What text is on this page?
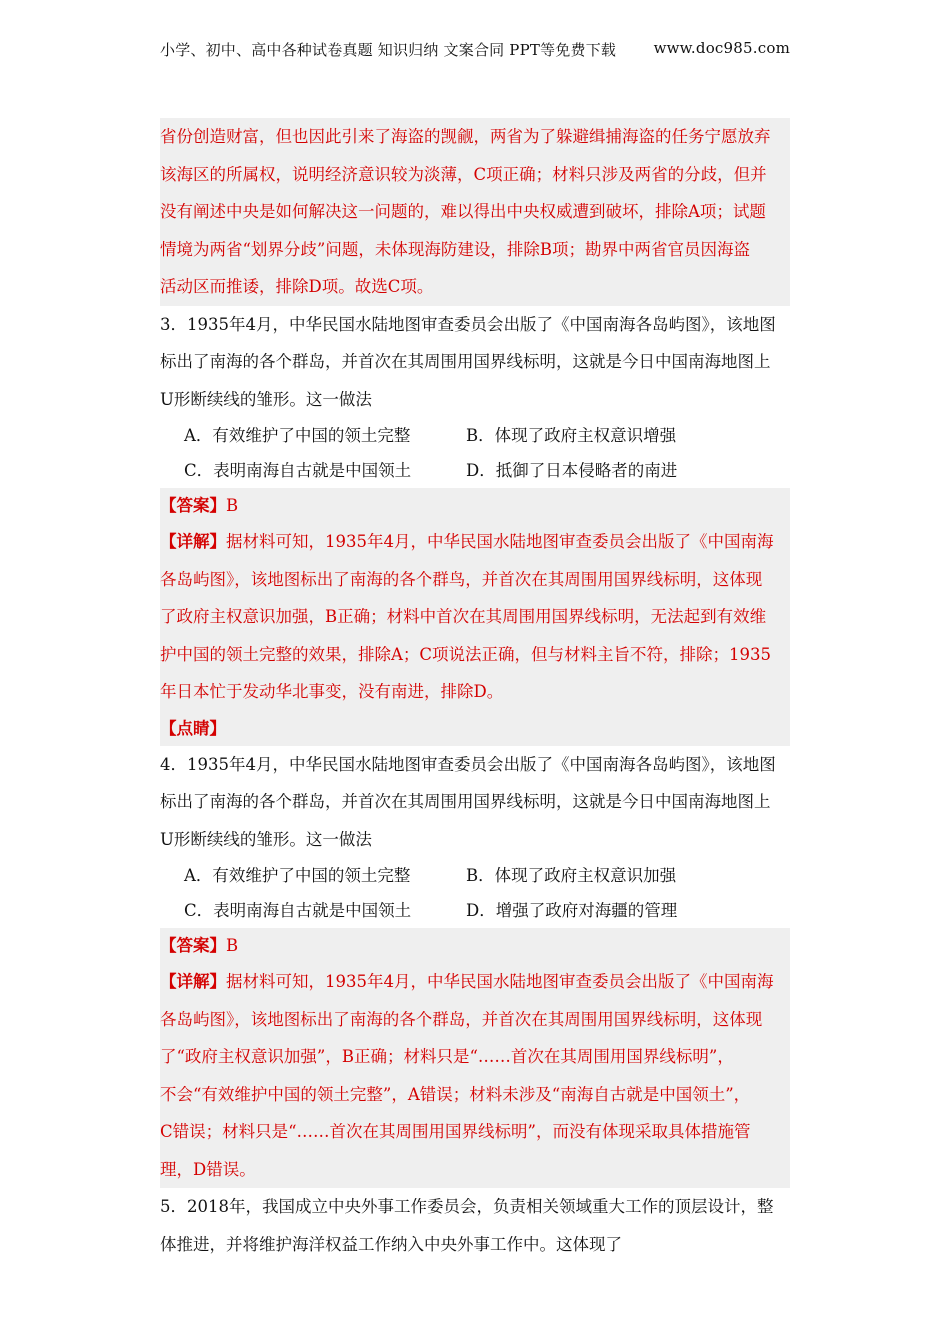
小学、初中、高中各种试卷真题 知识归纳 文案合同 PPT等免费下载 www.doc985.com
省份创造财富，但也因此引来了海盗的觊觎，两省为了躲避缉捕海盗的任务宁愿放弃
该海区的所属权，说明经济意识较为淡薄，C项正确；材料只涉及两省的分歧，但并
没有阐述中央是如何解决这一问题的，难以得出中央权威遭到破坏，排除A项；试题
情境为两省“划界分歧”问题，未体现海防建设，排除B项；勘界中两省官员因海盗
活动区而推诿，排除D项。故选C项。
3．1935年4月，中华民国水陆地图审查委员会出版了《中国南海各岛屿图》，该地图
标出了南海的各个群岛，并首次在其周围用国界线标明，这就是今日中国南海地图上
U形断续线的雏形。这一做法
A．有效维护了中国的领土完整	B．体现了政府主权意识增强
C．表明南海自古就是中国领土	D．抵御了日本侵略者的南进
【答案】B
【详解】据材料可知，1935年4月，中华民国水陆地图审查委员会出版了《中国南海
各岛屿图》，该地图标出了南海的各个群鸟，并首次在其周围用国界线标明，这体现
了政府主权意识加强，B正确；材料中首次在其周围用国界线标明，无法起到有效维
护中国的领土完整的效果，排除A；C项说法正确，但与材料主旨不符，排除；1935
年日本忙于发动华北事变，没有南进，排除D。
【点睛】
4．1935年4月，中华民国水陆地图审查委员会出版了《中国南海各岛屿图》，该地图
标出了南海的各个群岛，并首次在其周围用国界线标明，这就是今日中国南海地图上
U形断续线的雏形。这一做法
A．有效维护了中国的领土完整	B．体现了政府主权意识加强
C．表明南海自古就是中国领土	D．增强了政府对海疆的管理
【答案】B
【详解】据材料可知，1935年4月，中华民国水陆地图审查委员会出版了《中国南海
各岛屿图》，该地图标出了南海的各个群岛，并首次在其周围用国界线标明，这体现
了“政府主权意识加强”，B正确；材料只是“……首次在其周围用国界线标明”，
不会“有效维护中国的领土完整”，A错误；材料未涉及“南海自古就是中国领土”，
C错误；材料只是“……首次在其周围用国界线标明”，而没有体现采取具体措施管
理，D错误。
5．2018年，我国成立中央外事工作委员会，负责相关领域重大工作的顶层设计，整
体推进，并将维护海洋权益工作纳入中央外事工作中。这体现了
